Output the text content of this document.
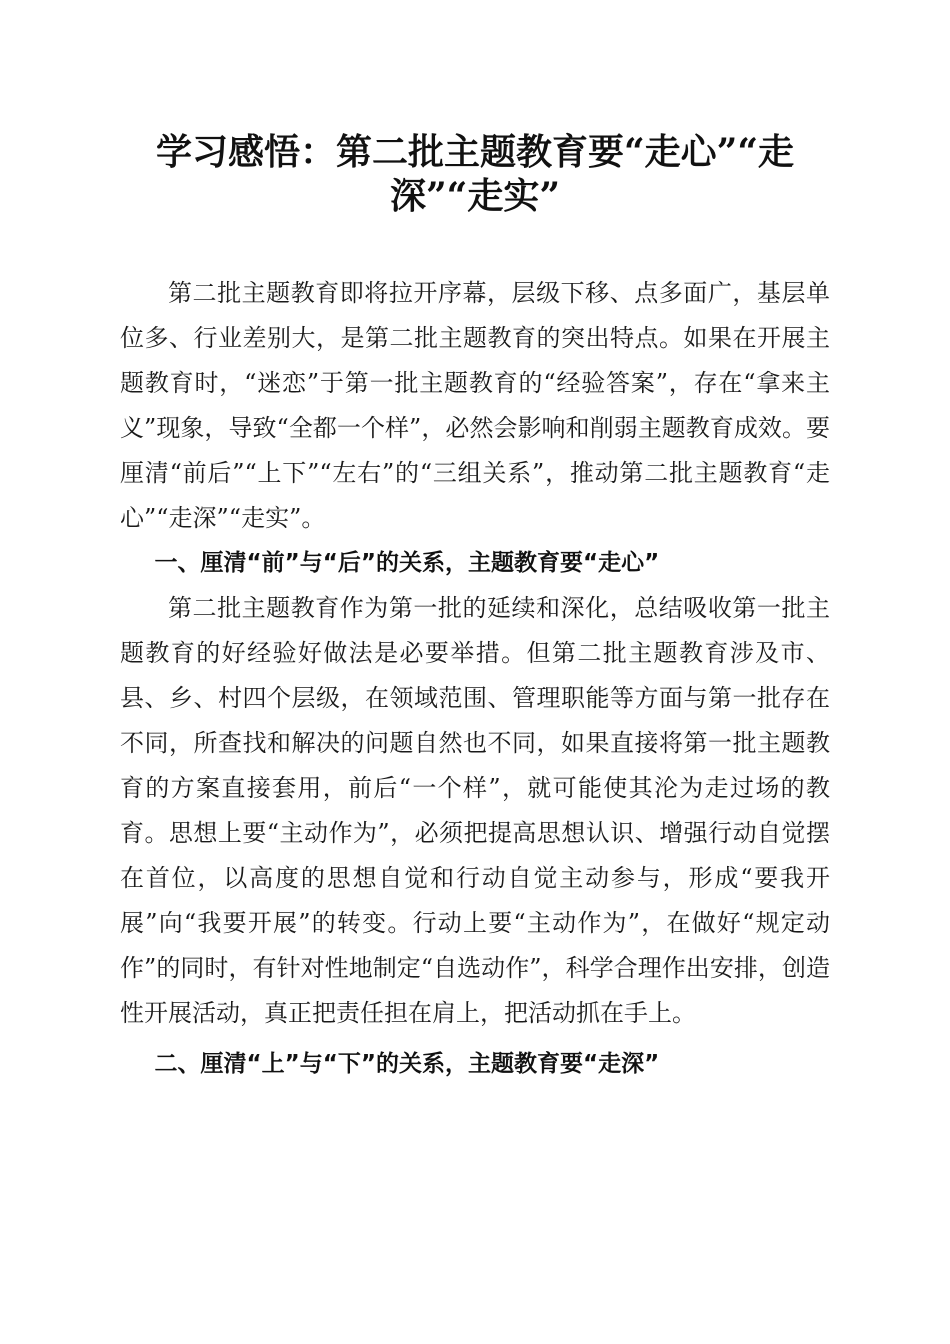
学习感悟：第二批主题教育要“走心”“走深”“走实”

第二批主题教育即将拉开序幕，层级下移、点多面广，基层单位多、行业差别大，是第二批主题教育的突出特点。如果在开展主题教育时，“迷恋”于第一批主题教育的“经验答案”，存在“拿来主义”现象，导致“全都一个样”，必然会影响和削弱主题教育成效。要厘清“前后”“上下”“左右”的“三组关系”，推动第二批主题教育“走心”“走深”“走实”。

一、厘清“前”与“后”的关系，主题教育要“走心”

第二批主题教育作为第一批的延续和深化，总结吸收第一批主题教育的好经验好做法是必要举措。但第二批主题教育涉及市、县、乡、村四个层级，在领域范围、管理职能等方面与第一批存在不同，所查找和解决的问题自然也不同，如果直接将第一批主题教育的方案直接套用，前后“一个样”，就可能使其沦为走过场的教育。思想上要“主动作为”，必须把提高思想认识、增强行动自觉摆在首位，以高度的思想自觉和行动自觉主动参与，形成“要我开展”向“我要开展”的转变。行动上要“主动作为”，在做好“规定动作”的同时，有针对性地制定“自选动作”，科学合理作出安排，创造性开展活动，真正把责任担在肩上，把活动抓在手上。

二、厘清“上”与“下”的关系，主题教育要“走深”
